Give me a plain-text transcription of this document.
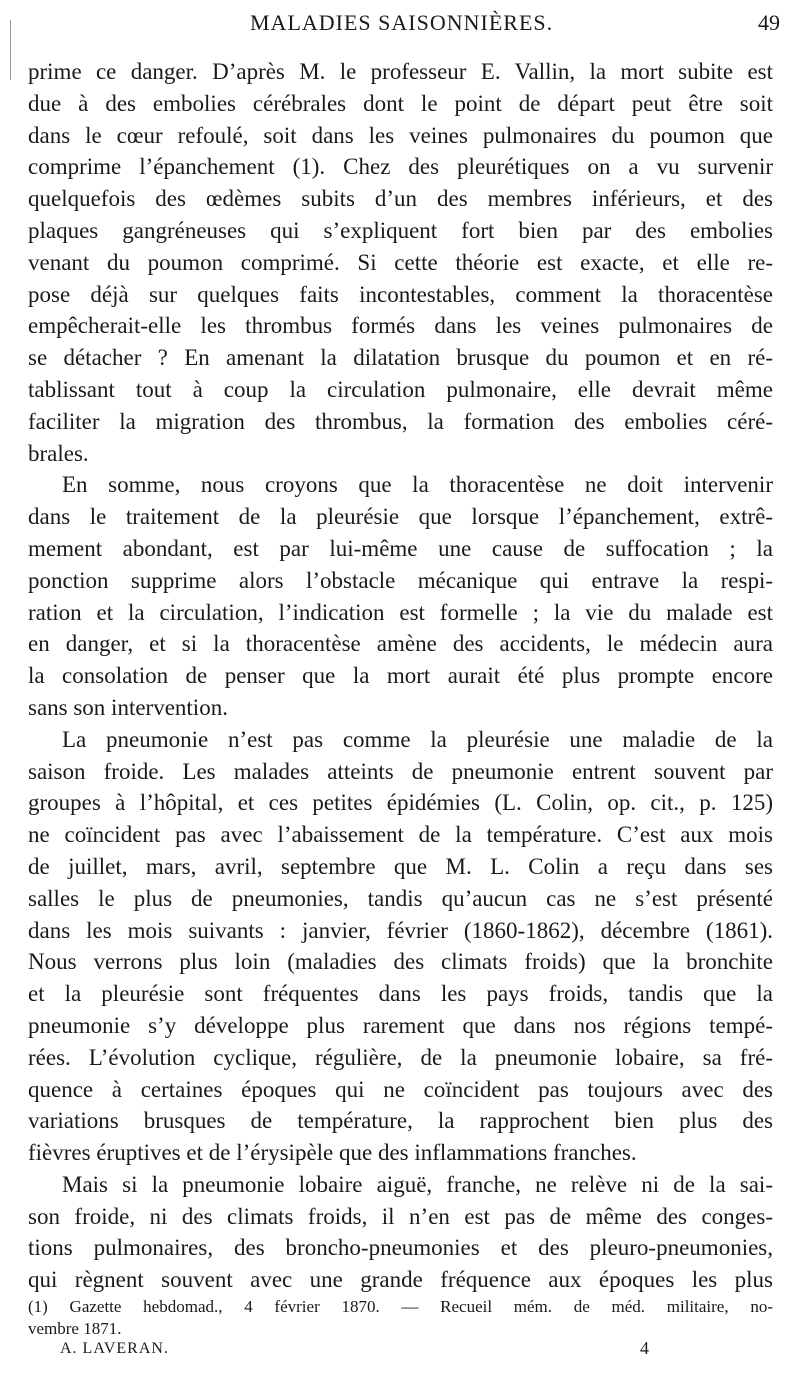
MALADIES SAISONNIÈRES.	49
prime ce danger. D’après M. le professeur E. Vallin, la mort subite est
due à des embolies cérébrales dont le point de départ peut être soit
dans le cœur refoulé, soit dans les veines pulmonaires du poumon que
comprime l’épanchement (1). Chez des pleurétiques on a vu survenir
quelquefois des œdèmes subits d’un des membres inférieurs, et des
plaques gangréneuses qui s’expliquent fort bien par des embolies
venant du poumon comprimé. Si cette théorie est exacte, et elle re-
pose déjà sur quelques faits incontestables, comment la thoracentèse
empêcherait-elle les thrombus formés dans les veines pulmonaires de
se détacher ? En amenant la dilatation brusque du poumon et en ré-
tablissant tout à coup la circulation pulmonaire, elle devrait même
faciliter la migration des thrombus, la formation des embolies céré-
brales.
En somme, nous croyons que la thoracentèse ne doit intervenir
dans le traitement de la pleurésie que lorsque l’épanchement, extrê-
mement abondant, est par lui-même une cause de suffocation ; la
ponction supprime alors l’obstacle mécanique qui entrave la respi-
ration et la circulation, l’indication est formelle ; la vie du malade est
en danger, et si la thoracentèse amène des accidents, le médecin aura
la consolation de penser que la mort aurait été plus prompte encore
sans son intervention.
La pneumonie n’est pas comme la pleurésie une maladie de la
saison froide. Les malades atteints de pneumonie entrent souvent par
groupes à l’hôpital, et ces petites épidémies (L. Colin, op. cit., p. 125)
ne coïncident pas avec l’abaissement de la température. C’est aux mois
de juillet, mars, avril, septembre que M. L. Colin a reçu dans ses
salles le plus de pneumonies, tandis qu’aucun cas ne s’est présenté
dans les mois suivants : janvier, février (1860-1862), décembre (1861).
Nous verrons plus loin (maladies des climats froids) que la bronchite
et la pleurésie sont fréquentes dans les pays froids, tandis que la
pneumonie s’y développe plus rarement que dans nos régions tempé-
rées. L’évolution cyclique, régulière, de la pneumonie lobaire, sa fré-
quence à certaines époques qui ne coïncident pas toujours avec des
variations brusques de température, la rapprochent bien plus des
fièvres éruptives et de l’érysipèle que des inflammations franches.
Mais si la pneumonie lobaire aiguë, franche, ne relève ni de la sai-
son froide, ni des climats froids, il n’en est pas de même des conges-
tions pulmonaires, des broncho-pneumonies et des pleuro-pneumonies,
qui règnent souvent avec une grande fréquence aux époques les plus
(1) Gazette hebdomad., 4 février 1870. — Recueil mém. de méd. militaire, no-
vembre 1871.
A. LAVERAN.	4
